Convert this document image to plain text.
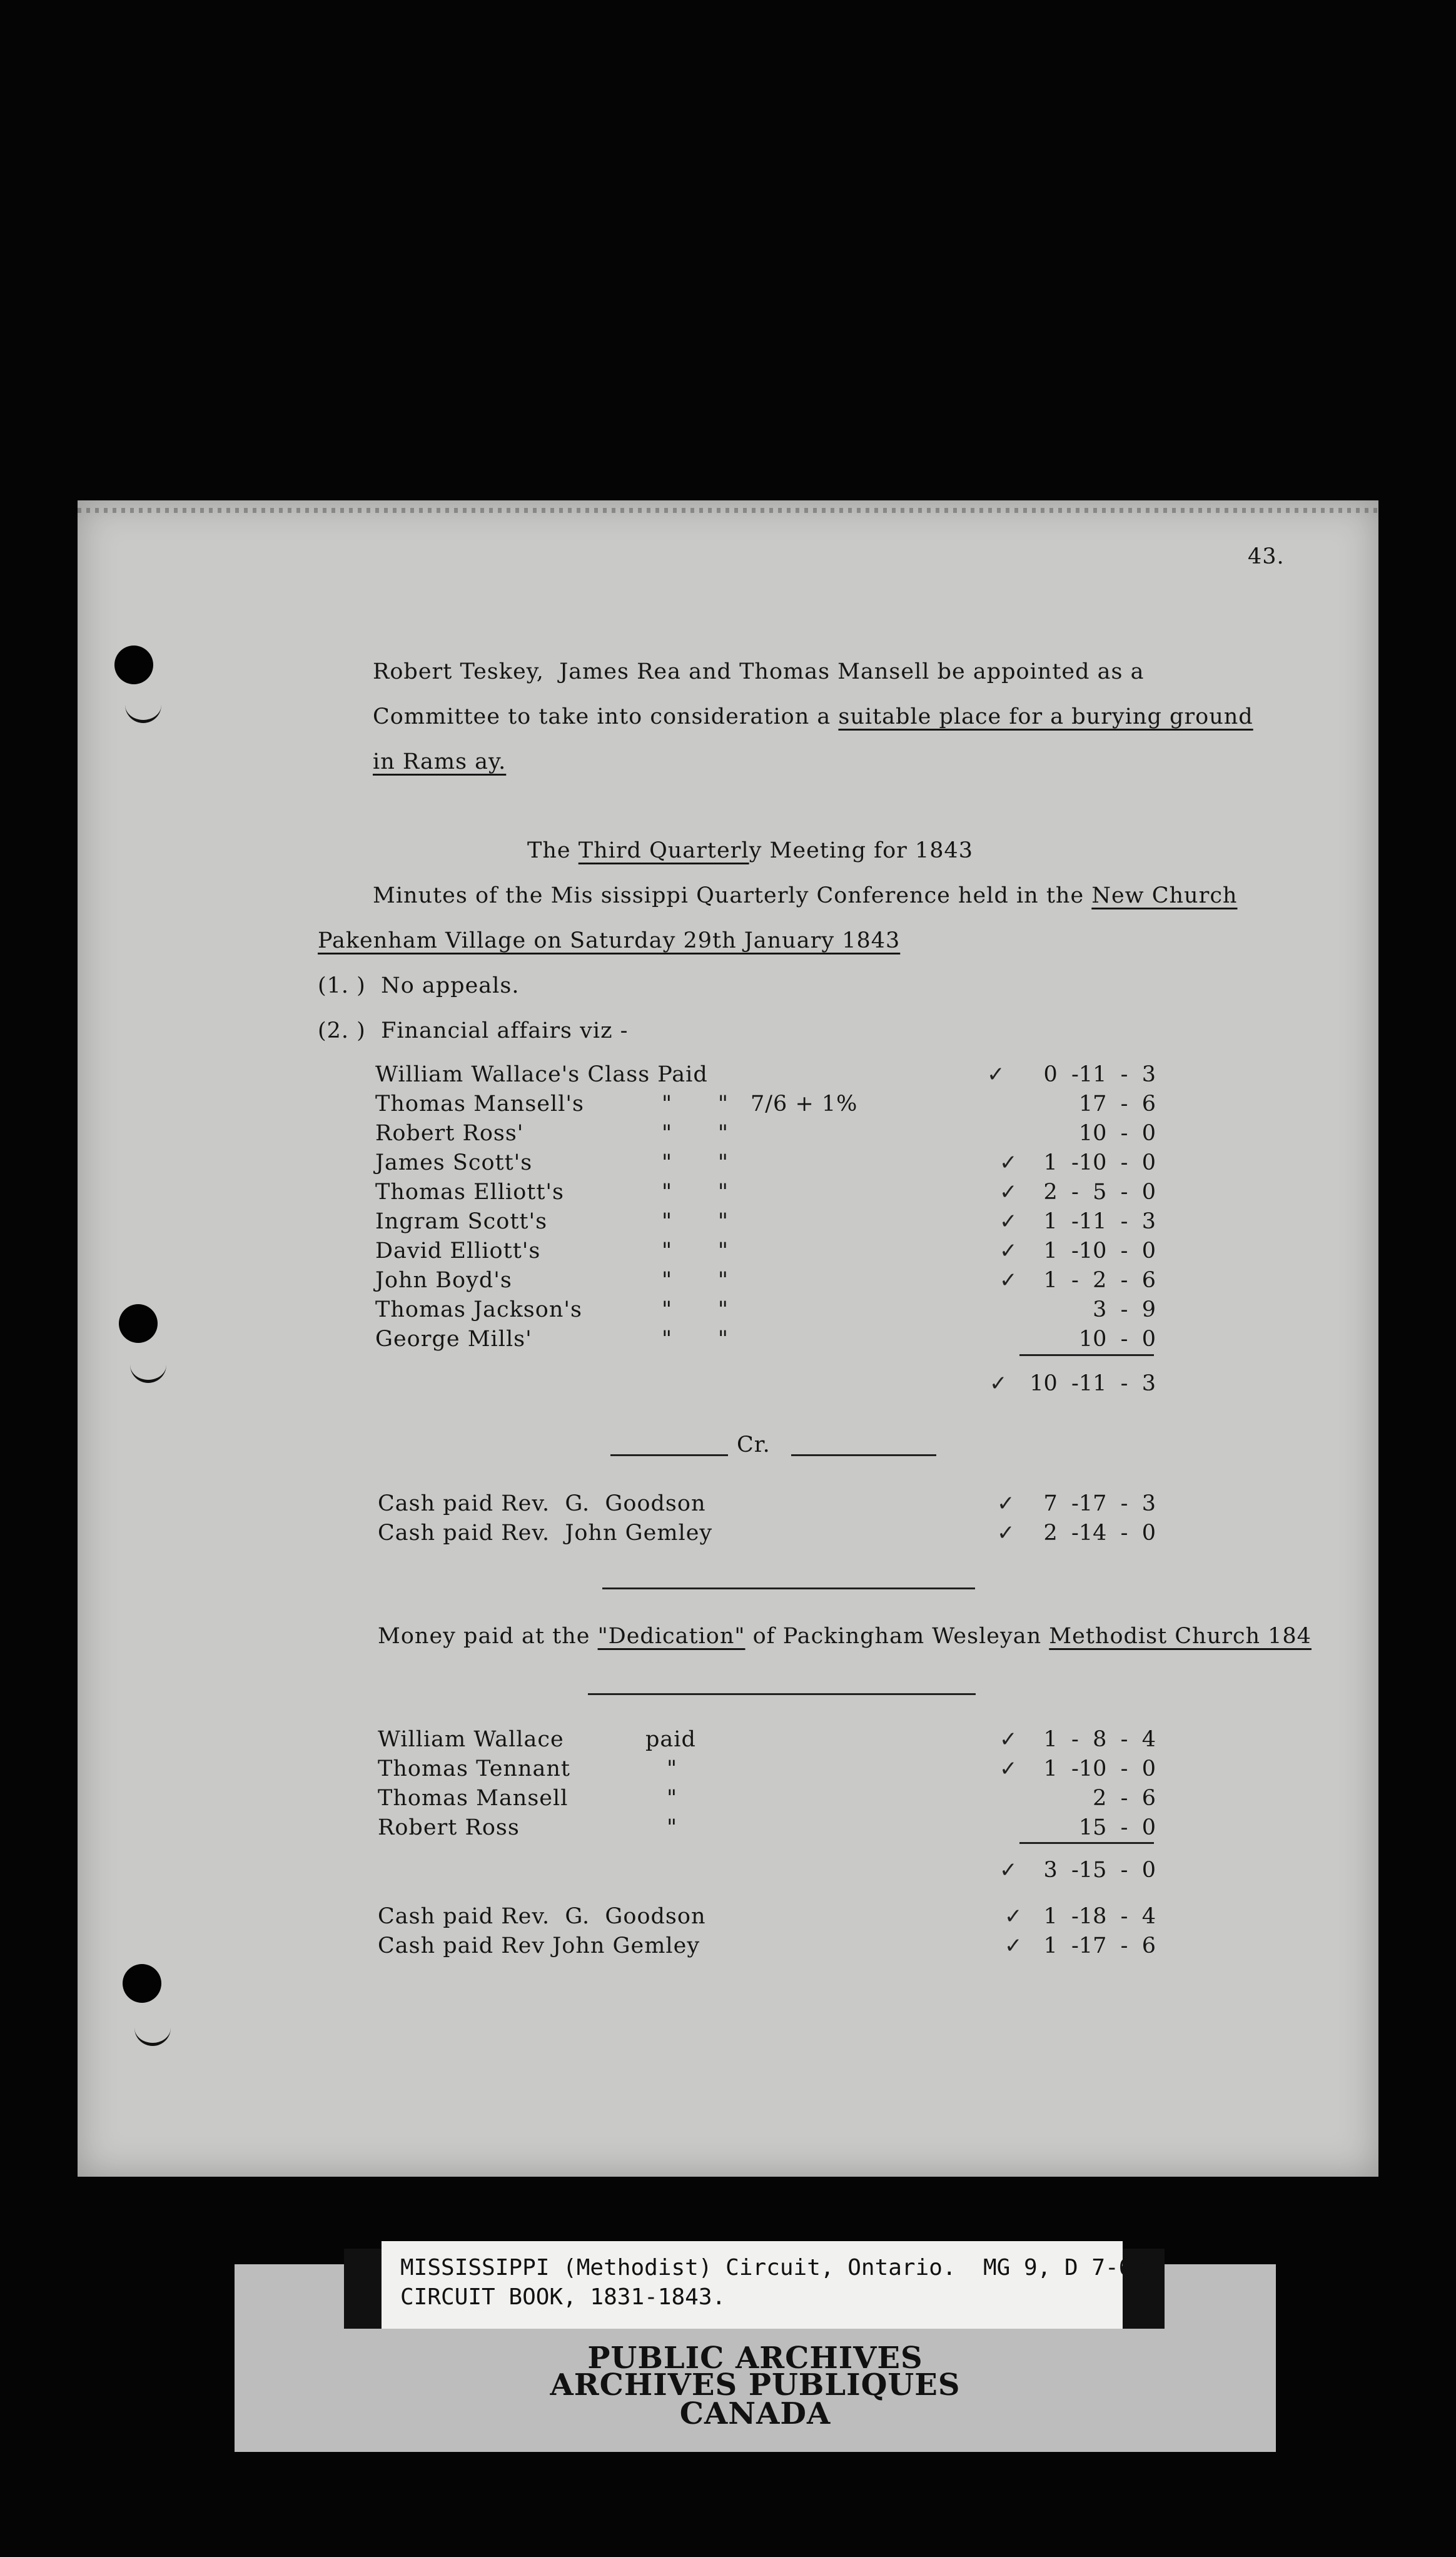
43.
Robert Teskey,  James Rea and Thomas Mansell be appointed as a
Committee to take into consideration a suitable place for a burying ground
in Rams ay.
The Third Quarterly Meeting for 1843
Minutes of the Mis sissippi Quarterly Conference held in the New Church
Pakenham Village on Saturday 29th January 1843
(1. )  No appeals.
(2. )  Financial affairs viz -
William Wallace's Class Paid	✓ 0  -11  -  3
Thomas Mansell's	"      " 7/6 + 1%	17  -  6
Robert Ross'	"      "	10  -  0
James Scott's	"      "	✓ 1  -10  -  0
Thomas Elliott's	"      "	✓ 2  -  5  -  0
Ingram Scott's	"      "	✓ 1  -11  -  3
David Elliott's	"      "	✓ 1  -10  -  0
John Boyd's	"      "	✓ 1  -  2  -  6
Thomas Jackson's	"      "	3  -  9
George Mills'	"      "	10  -  0
✓ 10  -11  -  3
Cr.
Cash paid Rev.  G.  Goodson	✓ 7  -17  -  3
Cash paid Rev.  John Gemley	✓ 2  -14  -  0
Money paid at the "Dedication" of Packingham Wesleyan Methodist Church 184
William Wallace	paid	✓ 1  -  8  -  4
Thomas Tennant	"	✓ 1  -10  -  0
Thomas Mansell	"	2  -  6
Robert Ross	"	15  -  0
✓ 3  -15  -  0
Cash paid Rev.  G.  Goodson	✓ 1  -18  -  4
Cash paid Rev John Gemley	✓ 1  -17  -  6
MISSISSIPPI (Methodist) Circuit, Ontario.  MG 9, D 7-62.
CIRCUIT BOOK, 1831-1843.
PUBLIC ARCHIVES
ARCHIVES PUBLIQUES
CANADA
